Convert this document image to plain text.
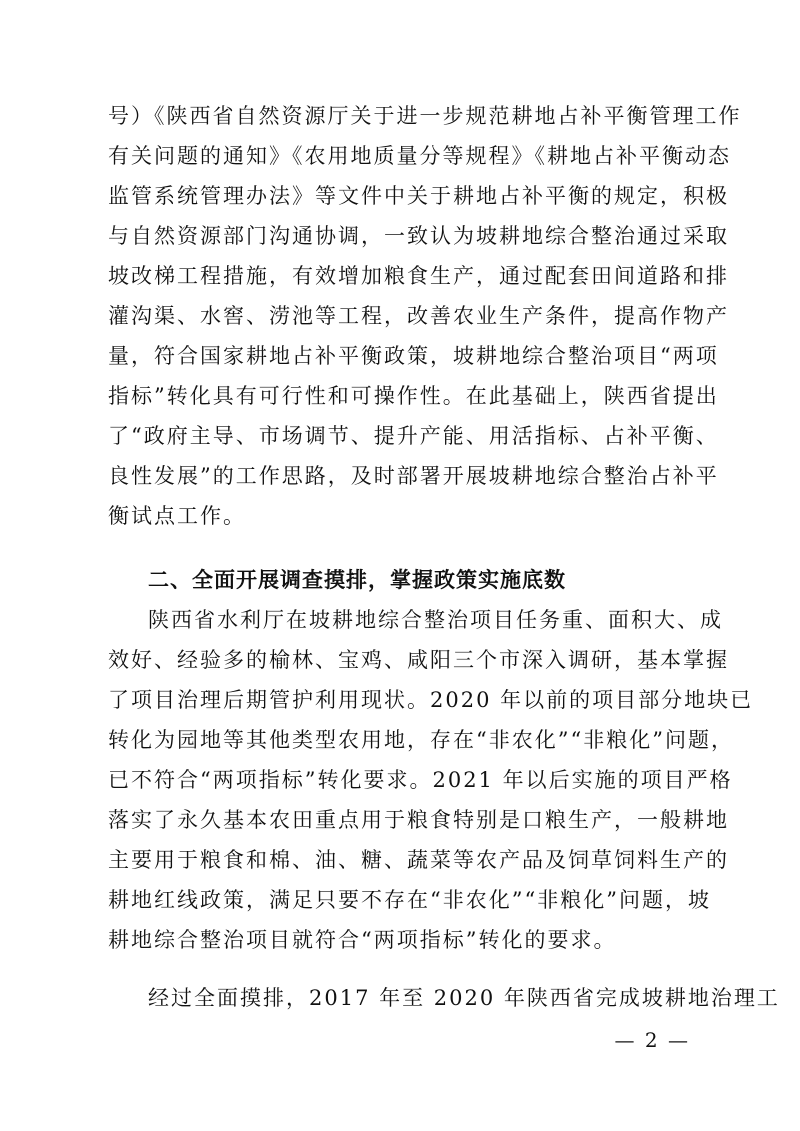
号）《陕西省自然资源厅关于进一步规范耕地占补平衡管理工作
有关问题的通知》《农用地质量分等规程》《耕地占补平衡动态
监管系统管理办法》等文件中关于耕地占补平衡的规定，积极
与自然资源部门沟通协调，一致认为坡耕地综合整治通过采取
坡改梯工程措施，有效增加粮食生产，通过配套田间道路和排
灌沟渠、水窖、涝池等工程，改善农业生产条件，提高作物产
量，符合国家耕地占补平衡政策，坡耕地综合整治项目“两项
指标”转化具有可行性和可操作性。在此基础上，陕西省提出
了“政府主导、市场调节、提升产能、用活指标、占补平衡、
良性发展”的工作思路，及时部署开展坡耕地综合整治占补平
衡试点工作。
二、全面开展调查摸排，掌握政策实施底数
陕西省水利厅在坡耕地综合整治项目任务重、面积大、成
效好、经验多的榆林、宝鸡、咸阳三个市深入调研，基本掌握
了项目治理后期管护利用现状。2020 年以前的项目部分地块已
转化为园地等其他类型农用地，存在“非农化”“非粮化”问题，
已不符合“两项指标”转化要求。2021 年以后实施的项目严格
落实了永久基本农田重点用于粮食特别是口粮生产，一般耕地
主要用于粮食和棉、油、糖、蔬菜等农产品及饲草饲料生产的
耕地红线政策，满足只要不存在“非农化”“非粮化”问题，坡
耕地综合整治项目就符合“两项指标”转化的要求。
经过全面摸排，2017 年至 2020 年陕西省完成坡耕地治理工
— 2 —
